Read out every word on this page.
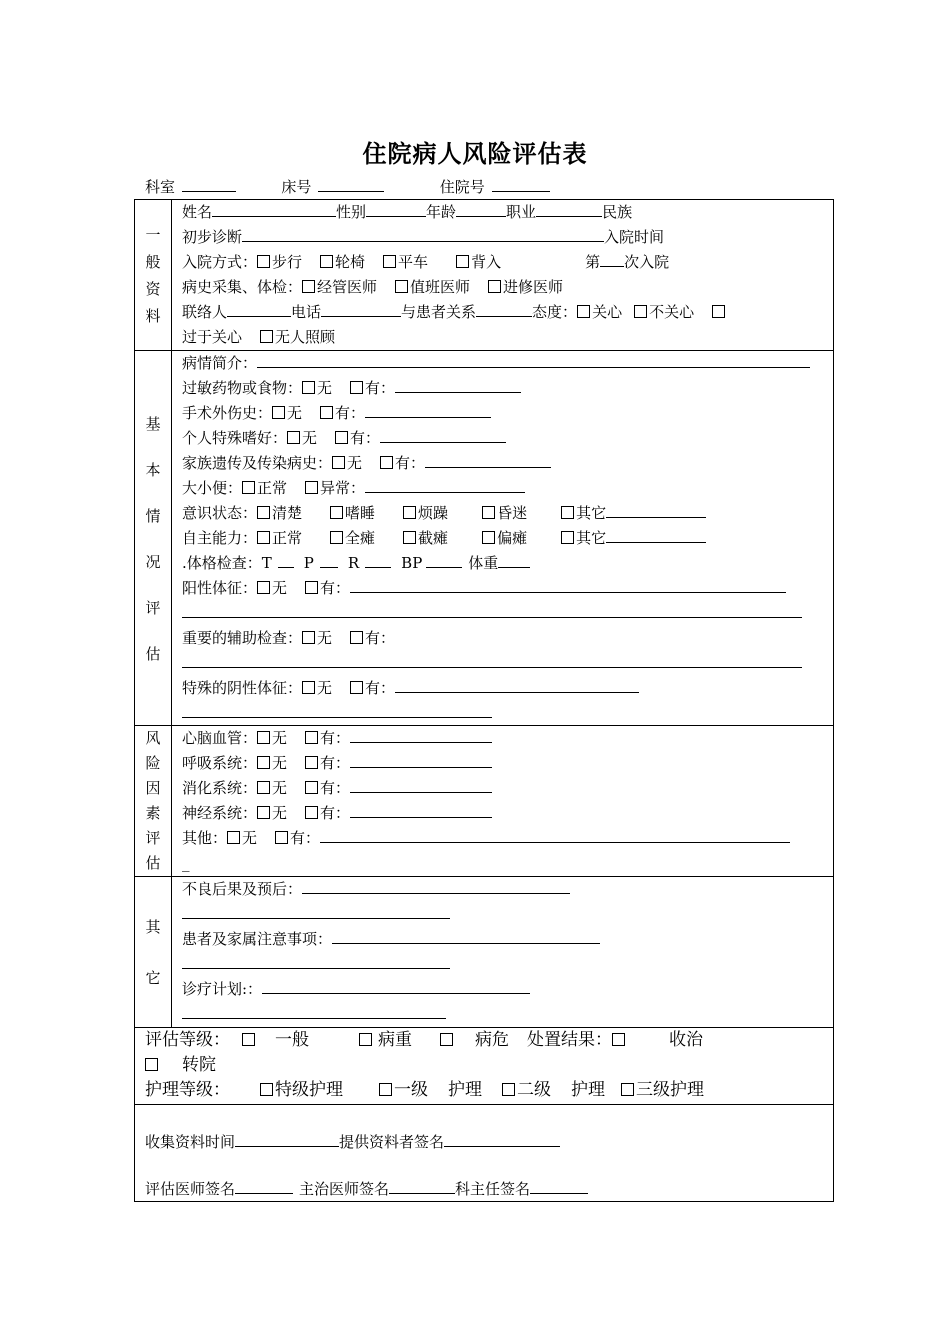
住院病人风险评估表
科室	床号	住院号
一
般
资
料
姓名	性别	年龄	职业	民族
初步诊断	入院时间
入院方式： 步行 轮椅 平车	背入	第 次入院
病史采集、体检： 经管医师 值班医师 进修医师
联络人	电话	与患者关系	态度： 关心 不关心
过于关心 无人照顾
基
本
情
况
评
估
病情简介：
过敏药物或食物： 无 有：
手术外伤史： 无 有：
个人特殊嗜好： 无 有：
家族遗传及传染病史： 无 有：
大小便： 正常 异常：
意识状态： 清楚	嗜睡	烦躁	昏迷	其它
自主能力： 正常	全瘫	截瘫	偏瘫	其它
.体格检查：T P R	BP	体重
阳性体征： 无 有：
重要的辅助检查： 无 有：
特殊的阴性体征： 无 有：
风
险
因
素
评
估
心脑血管： 无 有：
呼吸系统： 无 有：
消化系统： 无 有：
神经系统： 无 有：
其他： 无 有：
_
其
它
不良后果及预后：
患者及家属注意事项：
诊疗计划:：
评估等级：	一般	病重	病危 处置结果：	收治
转院
护理等级：	特级护理	一级 护理 二级 护理 三级护理
收集资料时间	提供资料者签名
评估医师签名	主治医师签名	科主任签名
